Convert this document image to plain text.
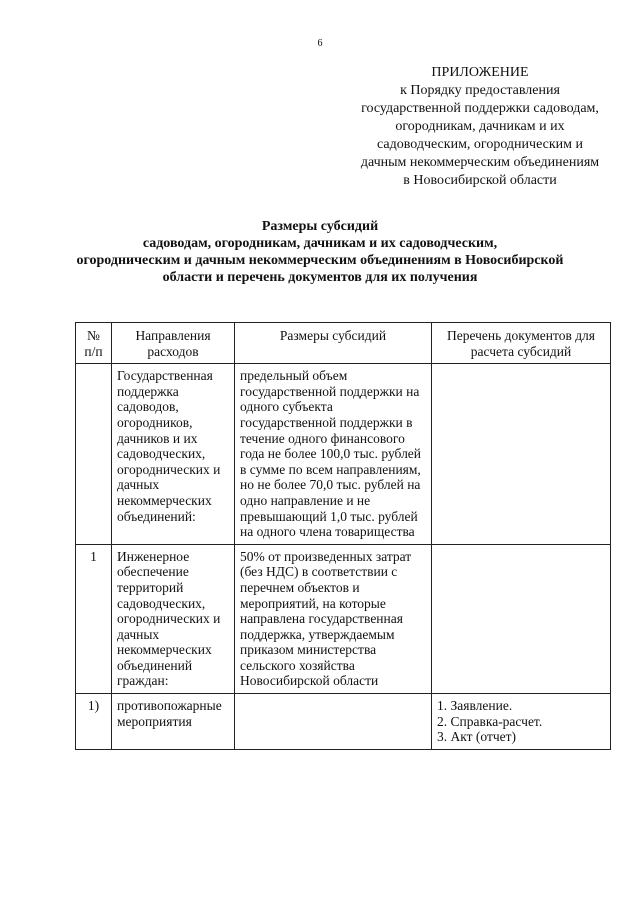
6
ПРИЛОЖЕНИЕ
к Порядку предоставления
государственной поддержки садоводам,
огородникам, дачникам и их
садоводческим, огородническим и
дачным некоммерческим объединениям
в Новосибирской области
Размеры субсидий
садоводам, огородникам, дачникам и их садоводческим,
огородническим и дачным некоммерческим объединениям в Новосибирской
области и перечень документов для их получения
№ п/п	Направления расходов	Размеры субсидий	Перечень документов для расчета субсидий
	Государственная поддержка садоводов, огородников, дачников и их садоводческих, огороднических и дачных некоммерческих объединений:	предельный объем государственной поддержки на одного субъекта государственной поддержки в течение одного финансового года не более 100,0 тыс. рублей в сумме по всем направлениям, но не более 70,0 тыс. рублей на одно направление и не превышающий 1,0 тыс. рублей на одного члена товарищества	
1	Инженерное обеспечение территорий садоводческих, огороднических и дачных некоммерческих объединений граждан:	50% от произведенных затрат (без НДС) в соответствии с перечнем объектов и мероприятий, на которые направлена государственная поддержка, утверждаемым приказом министерства сельского хозяйства Новосибирской области	
1)	противопожарные мероприятия		1. Заявление.
2. Справка-расчет.
3. Акт (отчет)
